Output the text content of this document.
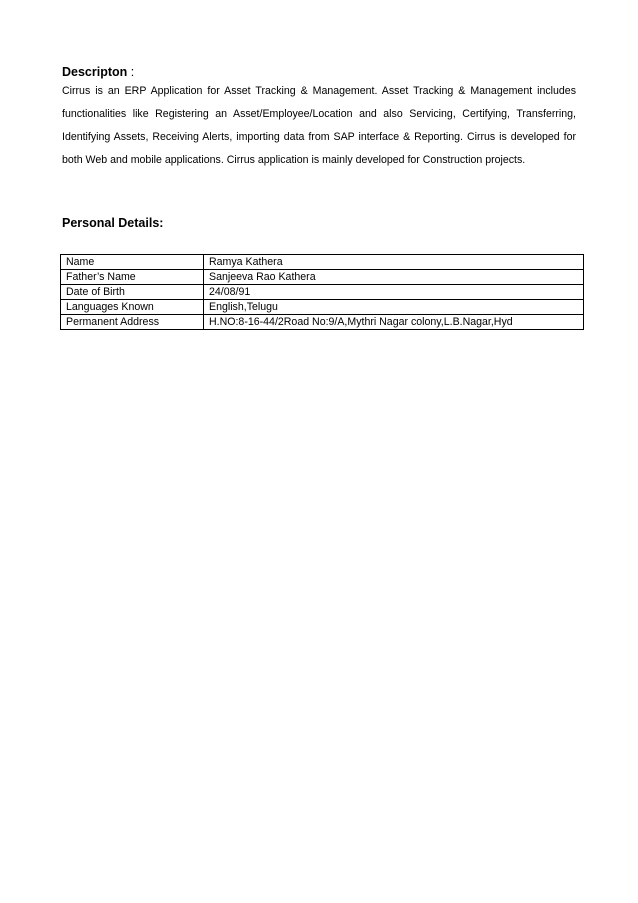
Descripton :
Cirrus is an ERP Application for Asset Tracking & Management. Asset Tracking & Management includes functionalities like Registering an Asset/Employee/Location and also Servicing, Certifying, Transferring, Identifying Assets, Receiving Alerts, importing data from SAP interface & Reporting. Cirrus is developed for both Web and mobile applications. Cirrus application is mainly developed for Construction projects.
Personal Details:
Name	Ramya Kathera
Father’s Name	Sanjeeva Rao Kathera
Date of Birth	24/08/91
Languages Known	English,Telugu
Permanent Address	H.NO:8-16-44/2Road No:9/A,Mythri Nagar colony,L.B.Nagar,Hyd
